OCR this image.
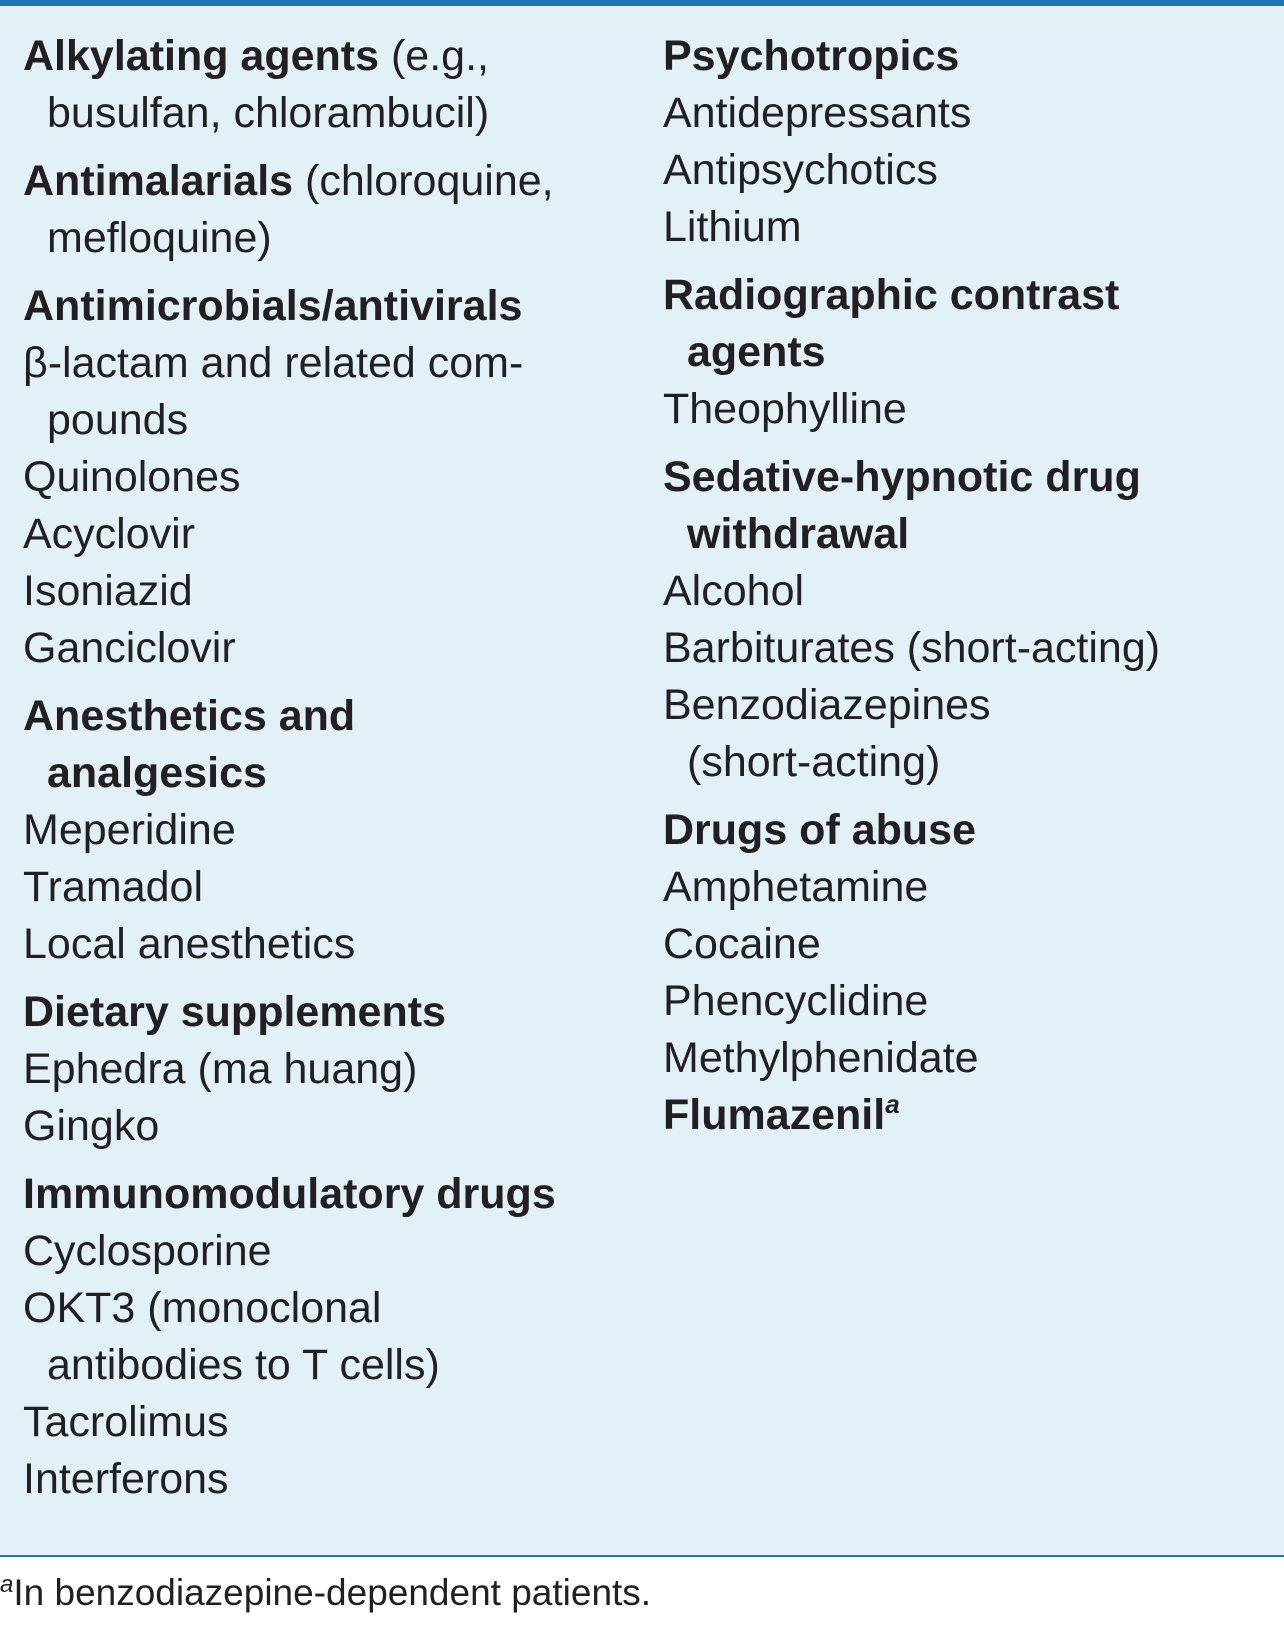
Alkylating agents (e.g.,
busulfan, chlorambucil)
Antimalarials (chloroquine,
mefloquine)
Antimicrobials/antivirals
β-lactam and related com-
pounds
Quinolones
Acyclovir
Isoniazid
Ganciclovir
Anesthetics and
analgesics
Meperidine
Tramadol
Local anesthetics
Dietary supplements
Ephedra (ma huang)
Gingko
Immunomodulatory drugs
Cyclosporine
OKT3 (monoclonal
antibodies to T cells)
Tacrolimus
Interferons
Psychotropics
Antidepressants
Antipsychotics
Lithium
Radiographic contrast
agents
Theophylline
Sedative-hypnotic drug
withdrawal
Alcohol
Barbiturates (short-acting)
Benzodiazepines
(short-acting)
Drugs of abuse
Amphetamine
Cocaine
Phencyclidine
Methylphenidate
Flumazenil$^a$
$^a$In benzodiazepine-dependent patients.
